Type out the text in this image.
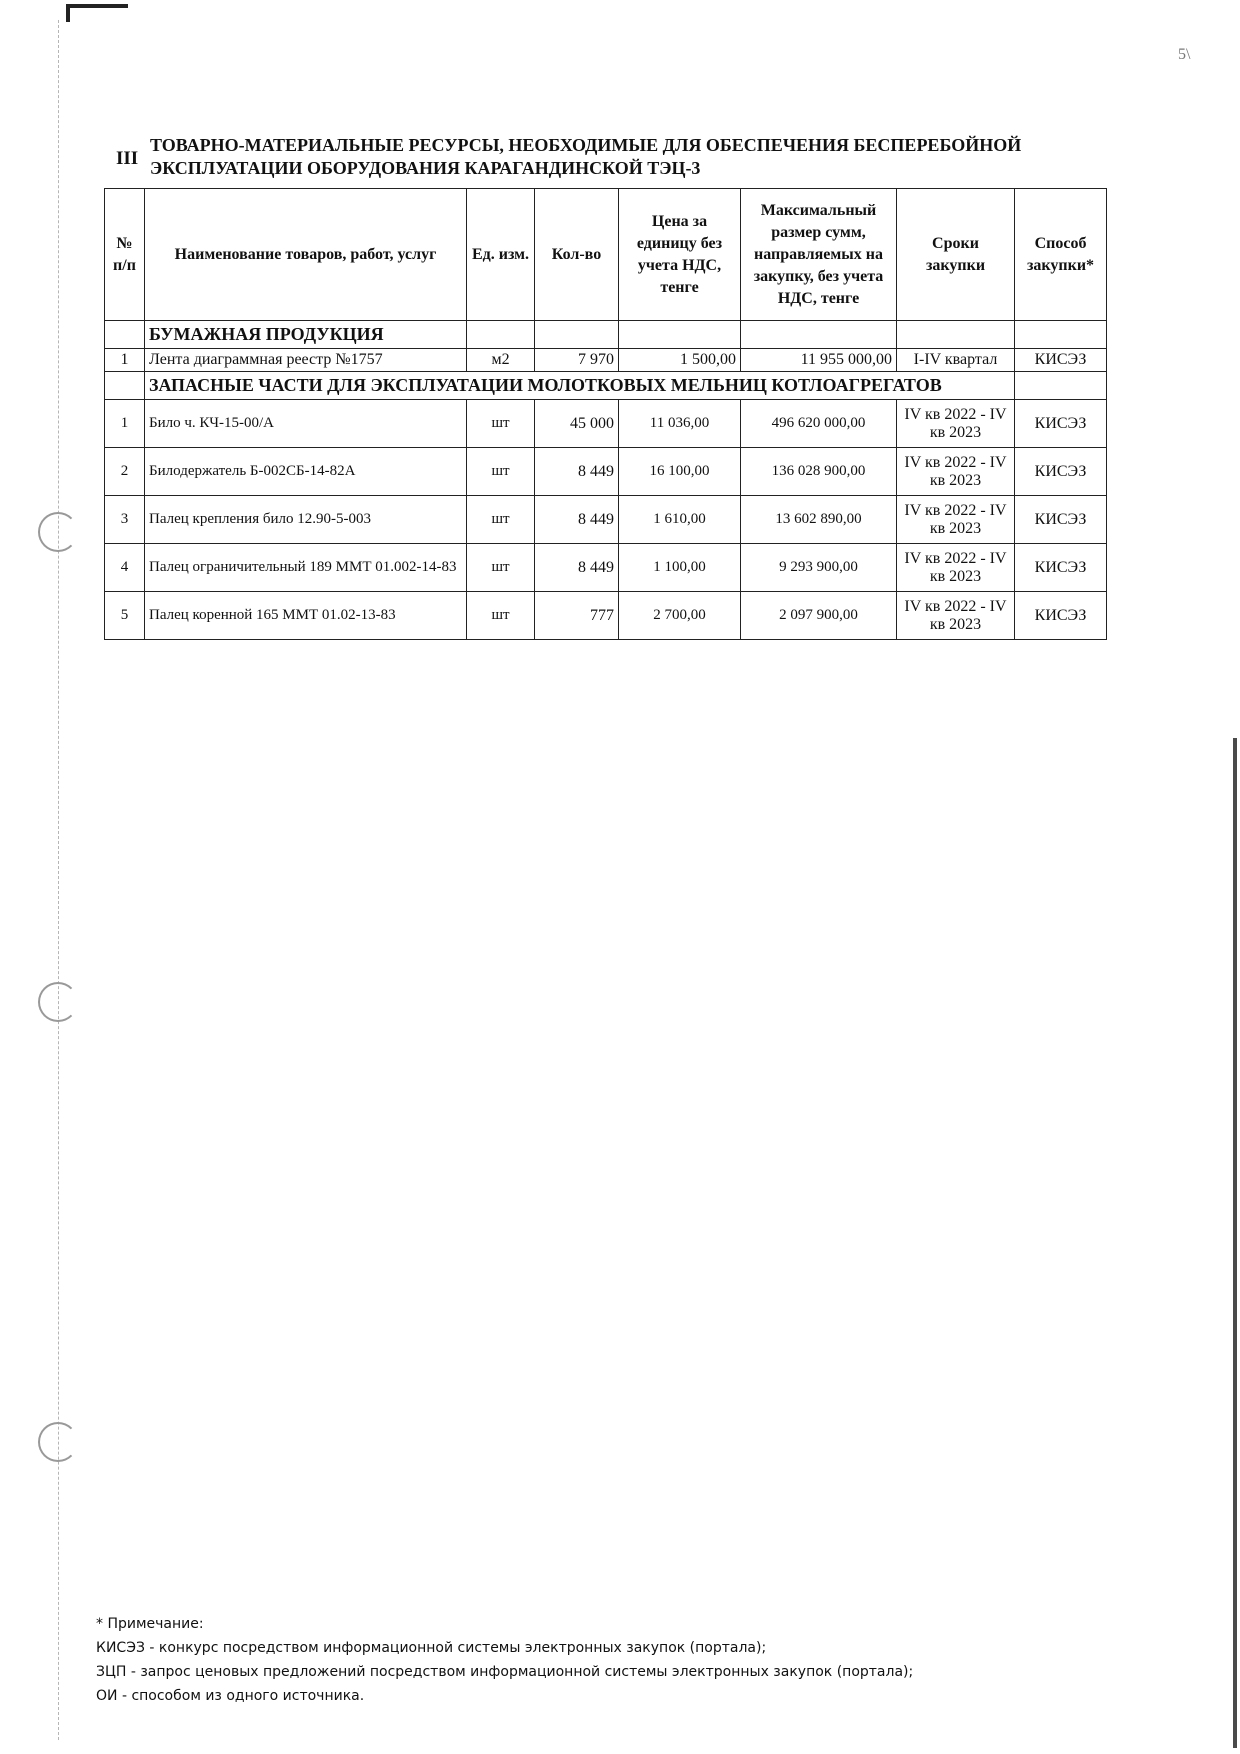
5\
III
ТОВАРНО-МАТЕРИАЛЬНЫЕ РЕСУРСЫ, НЕОБХОДИМЫЕ ДЛЯ ОБЕСПЕЧЕНИЯ БЕСПЕРЕБОЙНОЙ ЭКСПЛУАТАЦИИ ОБОРУДОВАНИЯ КАРАГАНДИНСКОЙ ТЭЦ-3
№ п/п	Наименование товаров, работ, услуг	Ед. изм.	Кол-во	Цена за единицу без учета НДС, тенге	Максимальный размер сумм, направляемых на закупку, без учета НДС, тенге	Сроки закупки	Способ закупки*
	БУМАЖНАЯ ПРОДУКЦИЯ						
1	Лента диаграммная реестр №1757	м2	7 970	1 500,00	11 955 000,00	I-IV квартал	КИСЭЗ
	ЗАПАСНЫЕ ЧАСТИ ДЛЯ ЭКСПЛУАТАЦИИ МОЛОТКОВЫХ МЕЛЬНИЦ КОТЛОАГРЕГАТОВ						
1	Било ч. КЧ-15-00/А	шт	45 000	11 036,00	496 620 000,00	IV кв 2022 - IV кв 2023	КИСЭЗ
2	Билодержатель Б-002СБ-14-82А	шт	8 449	16 100,00	136 028 900,00	IV кв 2022 - IV кв 2023	КИСЭЗ
3	Палец крепления било 12.90-5-003	шт	8 449	1 610,00	13 602 890,00	IV кв 2022 - IV кв 2023	КИСЭЗ
4	Палец ограничительный 189 ММТ 01.002-14-83	шт	8 449	1 100,00	9 293 900,00	IV кв 2022 - IV кв 2023	КИСЭЗ
5	Палец коренной 165 ММТ 01.02-13-83	шт	777	2 700,00	2 097 900,00	IV кв 2022 - IV кв 2023	КИСЭЗ
* Примечание:
КИСЭЗ - конкурс посредством информационной системы электронных закупок (портала);
ЗЦП - запрос ценовых предложений посредством информационной системы электронных закупок (портала);
ОИ - способом из одного источника.
